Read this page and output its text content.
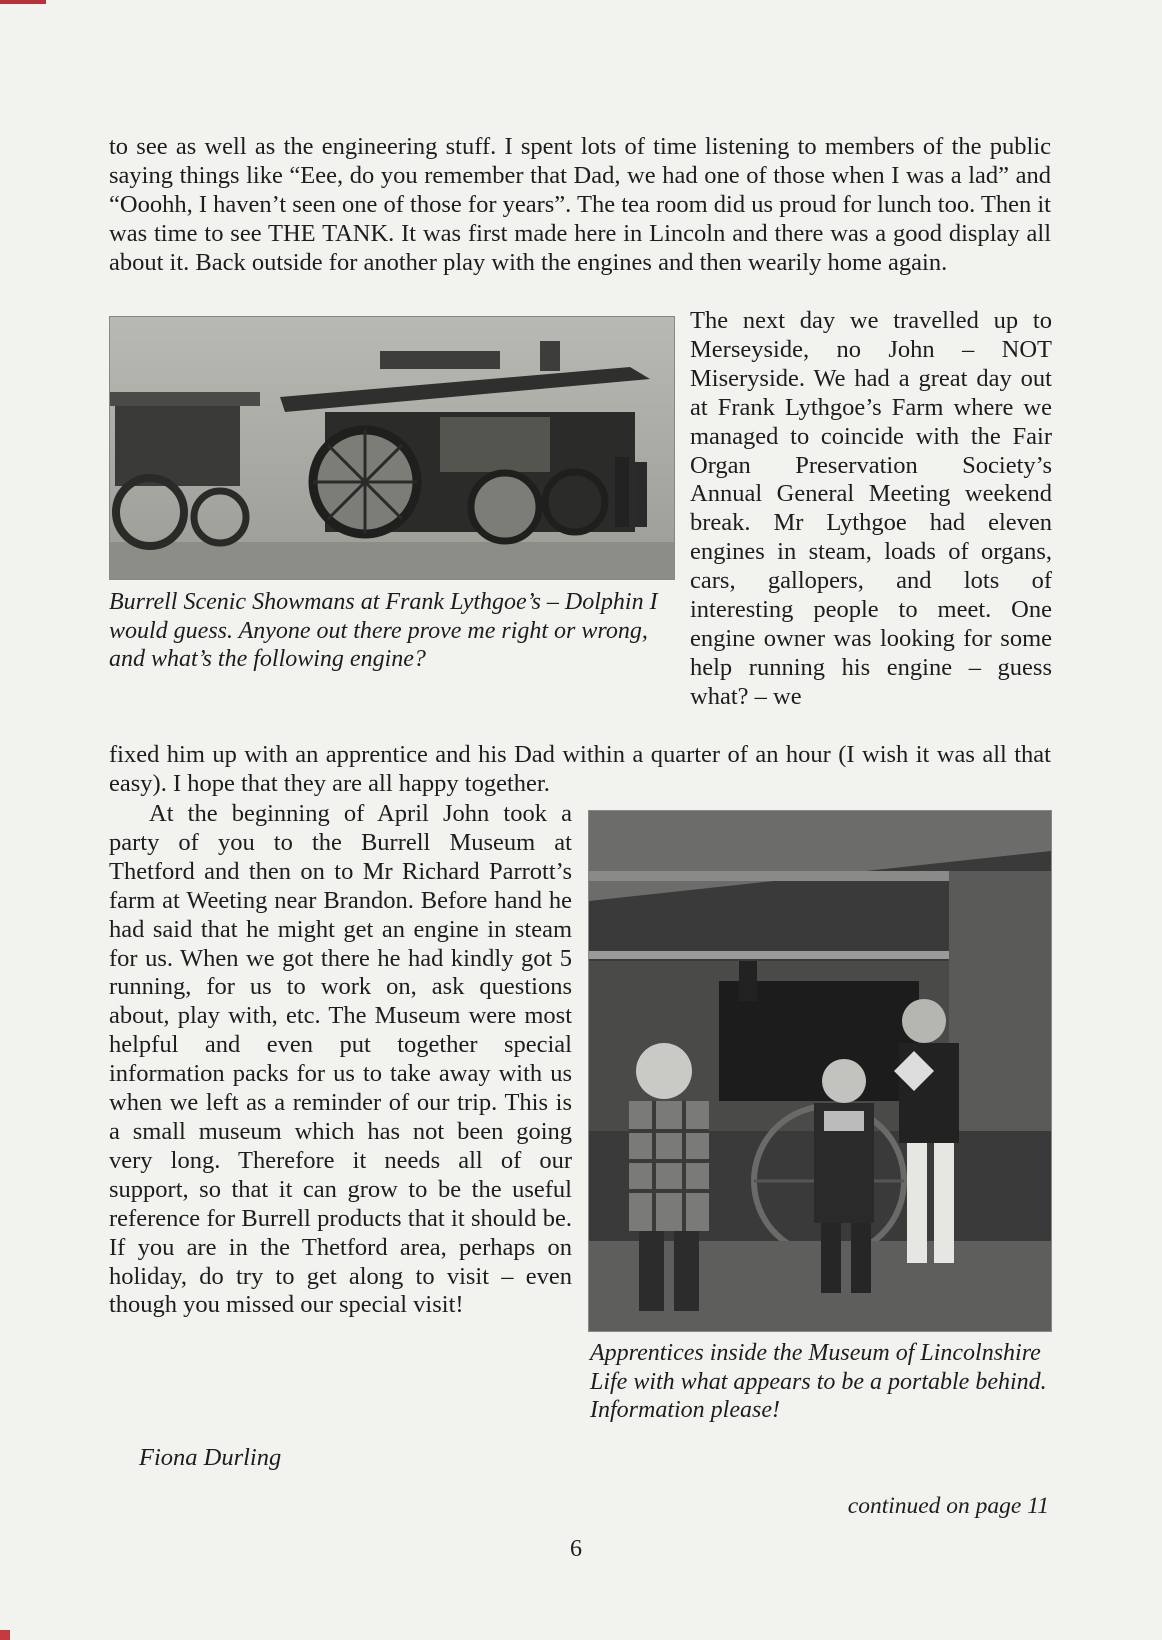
to see as well as the engineering stuff. I spent lots of time listening to members of the public saying things like “Eee, do you remember that Dad, we had one of those when I was a lad” and “Ooohh, I haven’t seen one of those for years”. The tea room did us proud for lunch too. Then it was time to see THE TANK. It was first made here in Lincoln and there was a good display all about it. Back outside for another play with the engines and then wearily home again.

Burrell Scenic Showmans at Frank Lythgoe’s – Dolphin I would guess. Anyone out there prove me right or wrong, and what’s the following engine?

The next day we travelled up to Merseyside, no John – NOT Miseryside. We had a great day out at Frank Lythgoe’s Farm where we managed to coincide with the Fair Organ Preservation Society’s Annual General Meeting weekend break. Mr Lythgoe had eleven engines in steam, loads of organs, cars, gallopers, and lots of interesting people to meet. One engine owner was looking for some help running his engine – guess what? – we

fixed him up with an apprentice and his Dad within a quarter of an hour (I wish it was all that easy). I hope that they are all happy together.

At the beginning of April John took a party of you to the Burrell Museum at Thetford and then on to Mr Richard Parrott’s farm at Weeting near Brandon. Before hand he had said that he might get an engine in steam for us. When we got there he had kindly got 5 running, for us to work on, ask questions about, play with, etc. The Museum were most helpful and even put together special information packs for us to take away with us when we left as a reminder of our trip. This is a small museum which has not been going very long. Therefore it needs all of our support, so that it can grow to be the useful reference for Burrell products that it should be. If you are in the Thetford area, perhaps on holiday, do try to get along to visit – even though you missed our special visit!

Apprentices inside the Museum of Lincolnshire Life with what appears to be a portable behind. Information please!

Fiona Durling

continued on page 11

6
